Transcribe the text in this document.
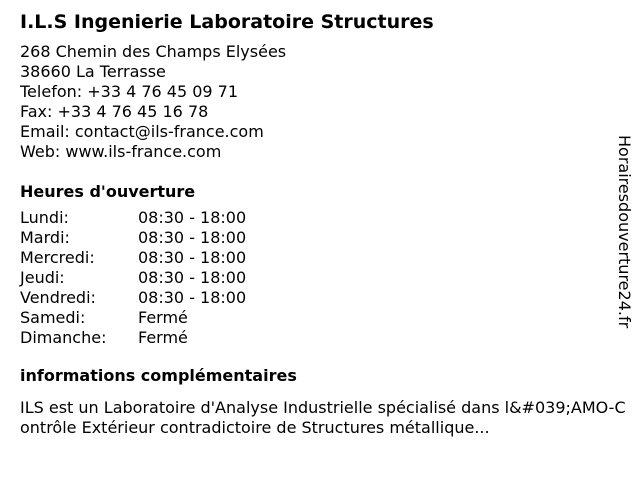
I.L.S Ingenierie Laboratoire Structures
268 Chemin des Champs Elysées
38660 La Terrasse
Telefon: +33 4 76 45 09 71
Fax: +33 4 76 45 16 78
Email: contact@ils-france.com
Web: www.ils-france.com
Heures d'ouverture
Lundi:	08:30 - 18:00
Mardi:	08:30 - 18:00
Mercredi:	08:30 - 18:00
Jeudi:	08:30 - 18:00
Vendredi:	08:30 - 18:00
Samedi:	Fermé
Dimanche:	Fermé
informations complémentaires
ILS est un Laboratoire d'Analyse Industrielle spécialisé dans l&#039;AMO-Contrôle Extérieur contradictoire de Structures métallique...
Horairesdouverture24.fr
